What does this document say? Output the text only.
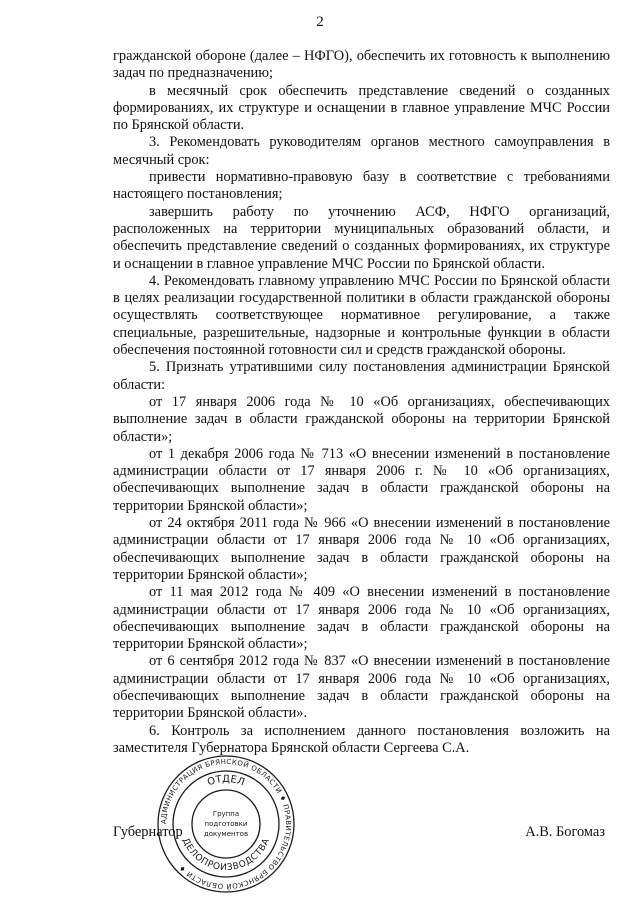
2

гражданской обороне (далее – НФГО), обеспечить их готовность к выполнению задач по предназначению;

в месячный срок обеспечить представление сведений о созданных формированиях, их структуре и оснащении в главное управление МЧС России по Брянской области.

3. Рекомендовать руководителям органов местного самоуправления в месячный срок:

привести нормативно-правовую базу в соответствие с требованиями настоящего постановления;

завершить работу по уточнению АСФ, НФГО организаций, расположенных на территории муниципальных образований области, и обеспечить представление сведений о созданных формированиях, их структуре и оснащении в главное управление МЧС России по Брянской области.

4. Рекомендовать главному управлению МЧС России по Брянской области в целях реализации государственной политики в области гражданской обороны осуществлять соответствующее нормативное регулирование, а также специальные, разрешительные, надзорные и контрольные функции в области обеспечения постоянной готовности сил и средств гражданской обороны.

5. Признать утратившими силу постановления администрации Брянской области:

от 17 января 2006 года № 10 «Об организациях, обеспечивающих выполнение задач в области гражданской обороны на территории Брянской области»;

от 1 декабря 2006 года № 713 «О внесении изменений в постановление администрации области от 17 января 2006 г. № 10 «Об организациях, обеспечивающих выполнение задач в области гражданской обороны на территории Брянской области»;

от 24 октября 2011 года № 966 «О внесении изменений в постановление администрации области от 17 января 2006 года № 10 «Об организациях, обеспечивающих выполнение задач в области гражданской обороны на территории Брянской области»;

от 11 мая 2012 года № 409 «О внесении изменений в постановление администрации области от 17 января 2006 года № 10 «Об организациях, обеспечивающих выполнение задач в области гражданской обороны на территории Брянской области»;

от 6 сентября 2012 года № 837 «О внесении изменений в постановление администрации области от 17 января 2006 года № 10 «Об организациях, обеспечивающих выполнение задач в области гражданской обороны на территории Брянской области».

6. Контроль за исполнением данного постановления возложить на заместителя Губернатора Брянской области Сергеева С.А.

Губернатор	А.В. Богомаз
АДМИНИСТРАЦИЯ БРЯНСКОЙ ОБЛАСТИ ♦ ПРАВИТЕЛЬСТВО БРЯНСКОЙ ОБЛАСТИ ♦
ОТДЕЛ
ДЕЛОПРОИЗВОДСТВА
Группа
подготовки
документов
